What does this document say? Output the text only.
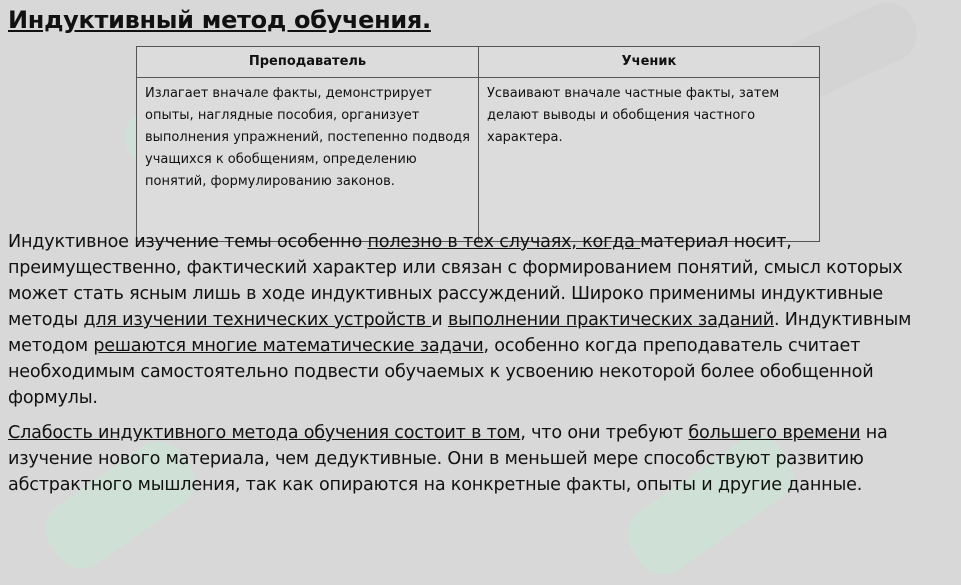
Индуктивный метод обучения.
Преподаватель	Ученик
Излагает вначале факты, демонстрирует опыты, наглядные пособия, организует выполнения упражнений, постепенно подводя учащихся к обобщениям, определению понятий, формулированию законов.	Усваивают вначале частные факты, затем делают выводы и обобщения частного характера.

Индуктивное изучение темы особенно полезно в тех случаях, когда материал носит, преимущественно, фактический характер или связан с формированием понятий, смысл которых может стать ясным лишь в ходе индуктивных рассуждений. Широко применимы индуктивные методы для изучении технических устройств и выполнении практических заданий. Индуктивным методом решаются многие математические задачи, особенно когда преподаватель считает необходимым самостоятельно подвести обучаемых к усвоению некоторой более обобщенной формулы.

Слабость индуктивного метода обучения состоит в том, что они требуют большего времени на изучение нового материала, чем дедуктивные. Они в меньшей мере способствуют развитию абстрактного мышления, так как опираются на конкретные факты, опыты и другие данные.
